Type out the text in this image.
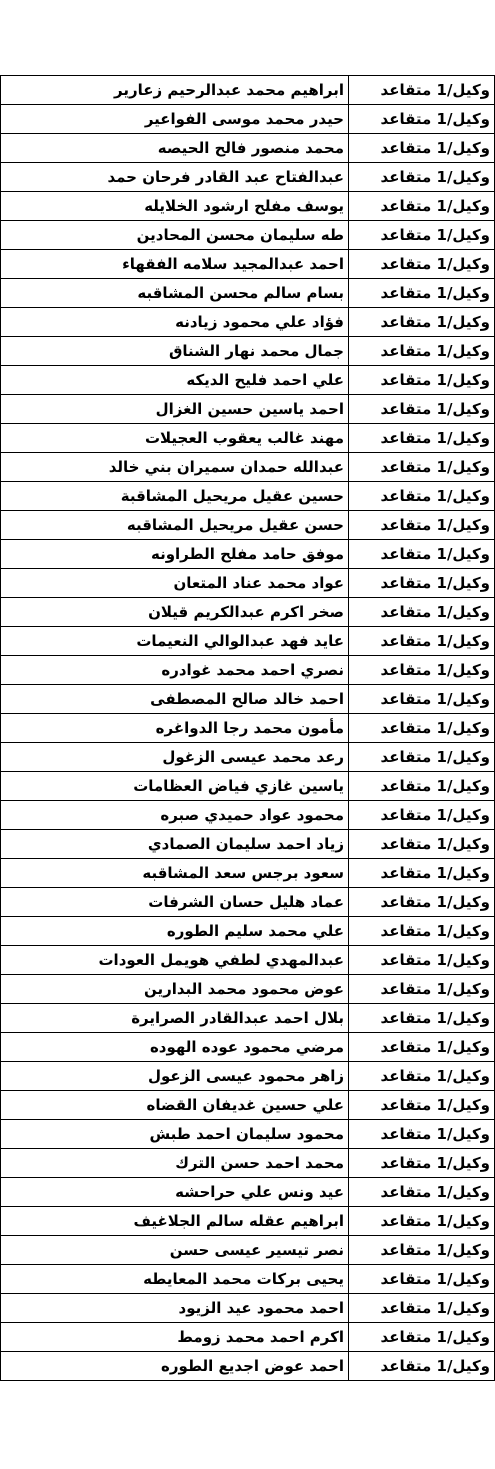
وكيل/1 متقاعد	ابراهيم محمد عبدالرحيم زعارير
وكيل/1 متقاعد	حيدر محمد موسى الفواعير
وكيل/1 متقاعد	محمد منصور فالح الحيصه
وكيل/1 متقاعد	عبدالفتاح عبد القادر فرحان حمد
وكيل/1 متقاعد	يوسف مفلح ارشود الخلايله
وكيل/1 متقاعد	طه سليمان محسن المحادين
وكيل/1 متقاعد	احمد عبدالمجيد سلامه الفقهاء
وكيل/1 متقاعد	بسام سالم محسن المشاقبه
وكيل/1 متقاعد	فؤاد علي محمود زيادنه
وكيل/1 متقاعد	جمال محمد نهار الشناق
وكيل/1 متقاعد	علي احمد فليح الديكه
وكيل/1 متقاعد	احمد ياسين حسين الغزال
وكيل/1 متقاعد	مهند غالب يعقوب العجيلات
وكيل/1 متقاعد	عبدالله حمدان سميران بني خالد
وكيل/1 متقاعد	حسين عقيل مريحيل المشاقبة
وكيل/1 متقاعد	حسن عقيل مريحيل المشاقبه
وكيل/1 متقاعد	موفق حامد مفلح الطراونه
وكيل/1 متقاعد	عواد محمد عناد المتعان
وكيل/1 متقاعد	صخر اكرم عبدالكريم قيلان
وكيل/1 متقاعد	عايد فهد عبدالوالي النعيمات
وكيل/1 متقاعد	نصري احمد محمد غوادره
وكيل/1 متقاعد	احمد خالد صالح المصطفى
وكيل/1 متقاعد	مأمون محمد رجا الدواغره
وكيل/1 متقاعد	رعد محمد عيسى الزغول
وكيل/1 متقاعد	ياسين غازي فياض العظامات
وكيل/1 متقاعد	محمود عواد حميدي صبره
وكيل/1 متقاعد	زياد احمد سليمان الصمادي
وكيل/1 متقاعد	سعود برجس سعد المشاقبه
وكيل/1 متقاعد	عماد هليل حسان الشرفات
وكيل/1 متقاعد	علي محمد سليم الطوره
وكيل/1 متقاعد	عبدالمهدي لطفي هويمل العودات
وكيل/1 متقاعد	عوض محمود محمد البدارين
وكيل/1 متقاعد	بلال احمد عبدالقادر الصرايرة
وكيل/1 متقاعد	مرضي محمود عوده الهوده
وكيل/1 متقاعد	زاهر محمود عيسى الزعول
وكيل/1 متقاعد	علي حسين غديفان القضاه
وكيل/1 متقاعد	محمود سليمان احمد طبش
وكيل/1 متقاعد	محمد احمد حسن الترك
وكيل/1 متقاعد	عيد ونس علي حراحشه
وكيل/1 متقاعد	ابراهيم عقله سالم الجلاغيف
وكيل/1 متقاعد	نصر تيسير عيسى حسن
وكيل/1 متقاعد	يحيى بركات محمد المعايطه
وكيل/1 متقاعد	احمد محمود عيد الزيود
وكيل/1 متقاعد	اكرم احمد محمد زومط
وكيل/1 متقاعد	احمد عوض اجديع الطوره
